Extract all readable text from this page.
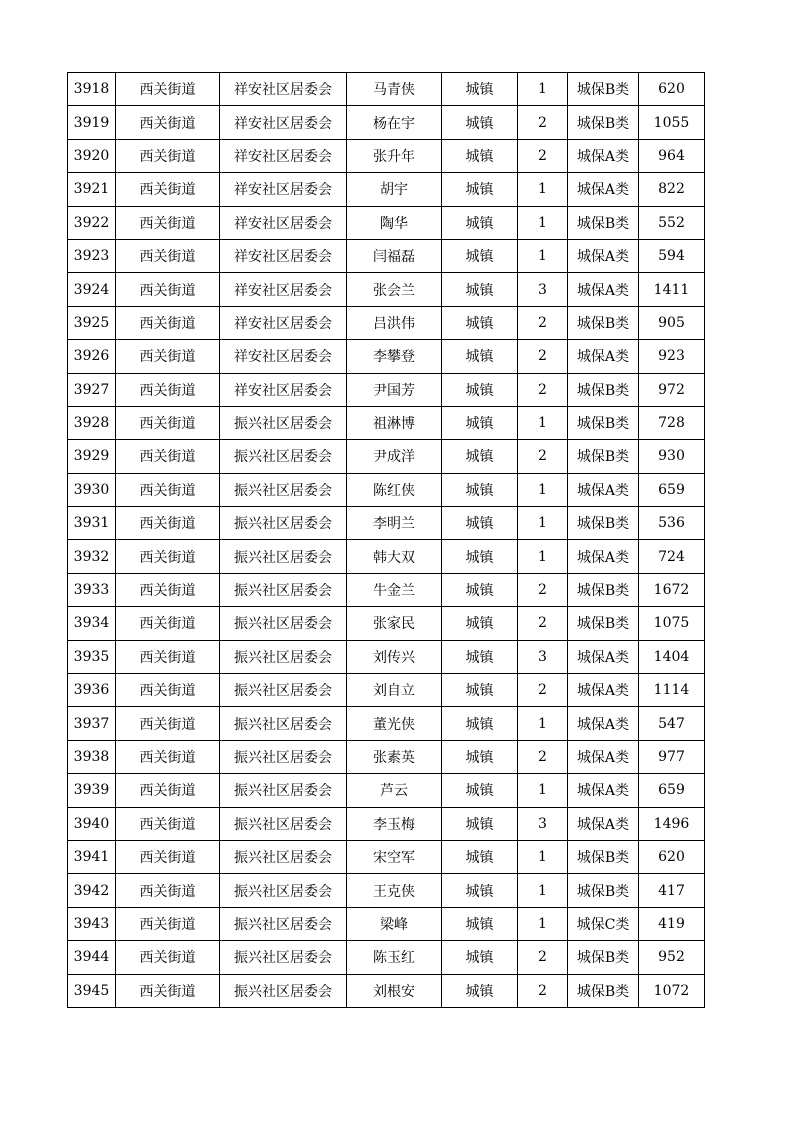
3918	西关街道	祥安社区居委会	马青侠	城镇	1	城保B类	620
3919	西关街道	祥安社区居委会	杨在宇	城镇	2	城保B类	1055
3920	西关街道	祥安社区居委会	张升年	城镇	2	城保A类	964
3921	西关街道	祥安社区居委会	胡宇	城镇	1	城保A类	822
3922	西关街道	祥安社区居委会	陶华	城镇	1	城保B类	552
3923	西关街道	祥安社区居委会	闫福磊	城镇	1	城保A类	594
3924	西关街道	祥安社区居委会	张会兰	城镇	3	城保A类	1411
3925	西关街道	祥安社区居委会	吕洪伟	城镇	2	城保B类	905
3926	西关街道	祥安社区居委会	李攀登	城镇	2	城保A类	923
3927	西关街道	祥安社区居委会	尹国芳	城镇	2	城保B类	972
3928	西关街道	振兴社区居委会	祖淋博	城镇	1	城保B类	728
3929	西关街道	振兴社区居委会	尹成洋	城镇	2	城保B类	930
3930	西关街道	振兴社区居委会	陈红侠	城镇	1	城保A类	659
3931	西关街道	振兴社区居委会	李明兰	城镇	1	城保B类	536
3932	西关街道	振兴社区居委会	韩大双	城镇	1	城保A类	724
3933	西关街道	振兴社区居委会	牛金兰	城镇	2	城保B类	1672
3934	西关街道	振兴社区居委会	张家民	城镇	2	城保B类	1075
3935	西关街道	振兴社区居委会	刘传兴	城镇	3	城保A类	1404
3936	西关街道	振兴社区居委会	刘自立	城镇	2	城保A类	1114
3937	西关街道	振兴社区居委会	董光侠	城镇	1	城保A类	547
3938	西关街道	振兴社区居委会	张素英	城镇	2	城保A类	977
3939	西关街道	振兴社区居委会	芦云	城镇	1	城保A类	659
3940	西关街道	振兴社区居委会	李玉梅	城镇	3	城保A类	1496
3941	西关街道	振兴社区居委会	宋空军	城镇	1	城保B类	620
3942	西关街道	振兴社区居委会	王克侠	城镇	1	城保B类	417
3943	西关街道	振兴社区居委会	梁峰	城镇	1	城保C类	419
3944	西关街道	振兴社区居委会	陈玉红	城镇	2	城保B类	952
3945	西关街道	振兴社区居委会	刘根安	城镇	2	城保B类	1072
